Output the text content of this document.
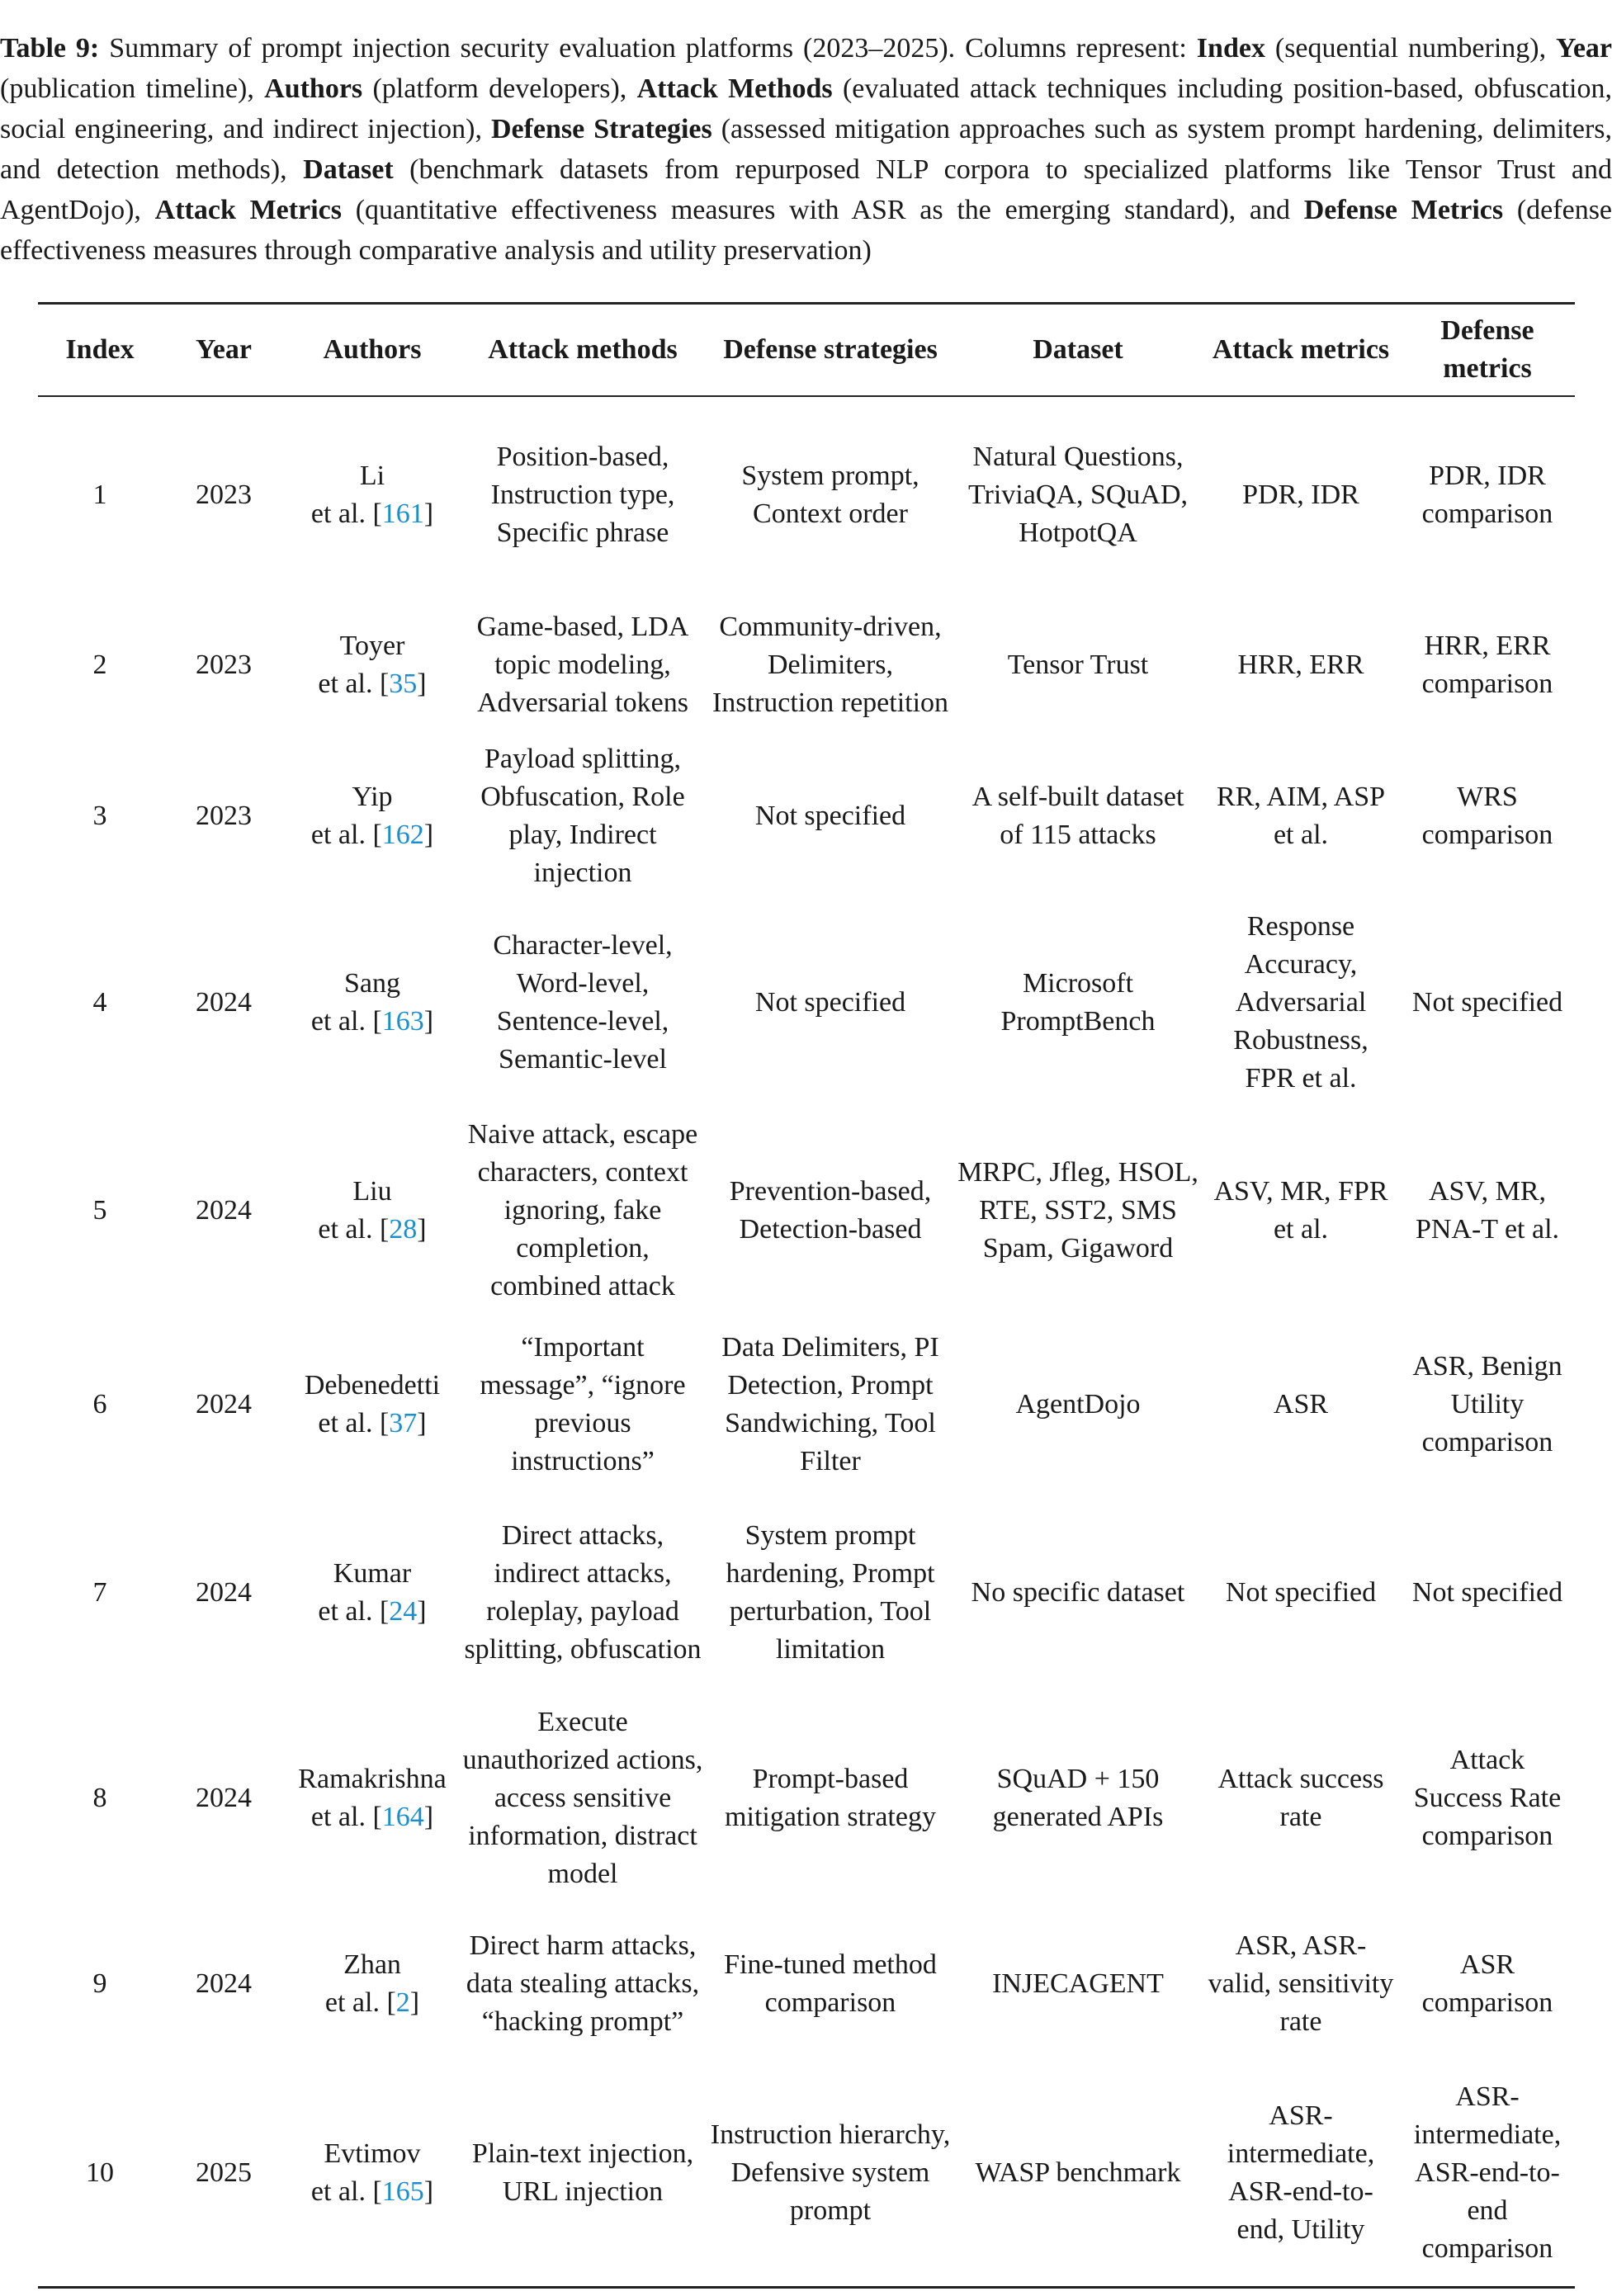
Table 9: Summary of prompt injection security evaluation platforms (2023–2025). Columns represent: Index (sequential numbering), Year (publication timeline), Authors (platform developers), Attack Methods (evaluated attack techniques including position-based, obfuscation, social engineering, and indirect injection), Defense Strategies (assessed mitigation approaches such as system prompt hardening, delimiters, and detection methods), Dataset (benchmark datasets from repurposed NLP corpora to specialized platforms like Tensor Trust and AgentDojo), Attack Metrics (quantitative effectiveness measures with ASR as the emerging standard), and Defense Metrics (defense effectiveness measures through comparative analysis and utility preservation)

Index	Year	Authors	Attack methods	Defense strategies	Dataset	Attack metrics	Defense metrics
1	2023	Li
et al. [161]	Position-based, Instruction type, Specific phrase	System prompt, Context order	Natural Questions, TriviaQA, SQuAD, HotpotQA	PDR, IDR	PDR, IDR comparison
2	2023	Toyer
et al. [35]	Game-based, LDA topic modeling, Adversarial tokens	Community-driven, Delimiters, Instruction repetition	Tensor Trust	HRR, ERR	HRR, ERR comparison
3	2023	Yip
et al. [162]	Payload splitting, Obfuscation, Role play, Indirect injection	Not specified	A self-built dataset of 115 attacks	RR, AIM, ASP et al.	WRS comparison
4	2024	Sang
et al. [163]	Character-level, Word-level, Sentence-level, Semantic-level	Not specified	Microsoft PromptBench	Response Accuracy, Adversarial Robustness, FPR et al.	Not specified
5	2024	Liu
et al. [28]	Naive attack, escape characters, context ignoring, fake completion, combined attack	Prevention-based, Detection-based	MRPC, Jfleg, HSOL, RTE, SST2, SMS Spam, Gigaword	ASV, MR, FPR et al.	ASV, MR, PNA-T et al.
6	2024	Debenedetti
et al. [37]	“Important message”, “ignore previous instructions”	Data Delimiters, PI Detection, Prompt Sandwiching, Tool Filter	AgentDojo	ASR	ASR, Benign Utility comparison
7	2024	Kumar
et al. [24]	Direct attacks, indirect attacks, roleplay, payload splitting, obfuscation	System prompt hardening, Prompt perturbation, Tool limitation	No specific dataset	Not specified	Not specified
8	2024	Ramakrishna
et al. [164]	Execute unauthorized actions, access sensitive information, distract model	Prompt-based mitigation strategy	SQuAD + 150 generated APIs	Attack success rate	Attack Success Rate comparison
9	2024	Zhan
et al. [2]	Direct harm attacks, data stealing attacks, “hacking prompt”	Fine-tuned method comparison	INJECAGENT	ASR, ASR-valid, sensitivity rate	ASR comparison
10	2025	Evtimov
et al. [165]	Plain-text injection, URL injection	Instruction hierarchy, Defensive system prompt	WASP benchmark	ASR-intermediate, ASR-end-to-end, Utility	ASR-intermediate, ASR-end-to-end comparison
